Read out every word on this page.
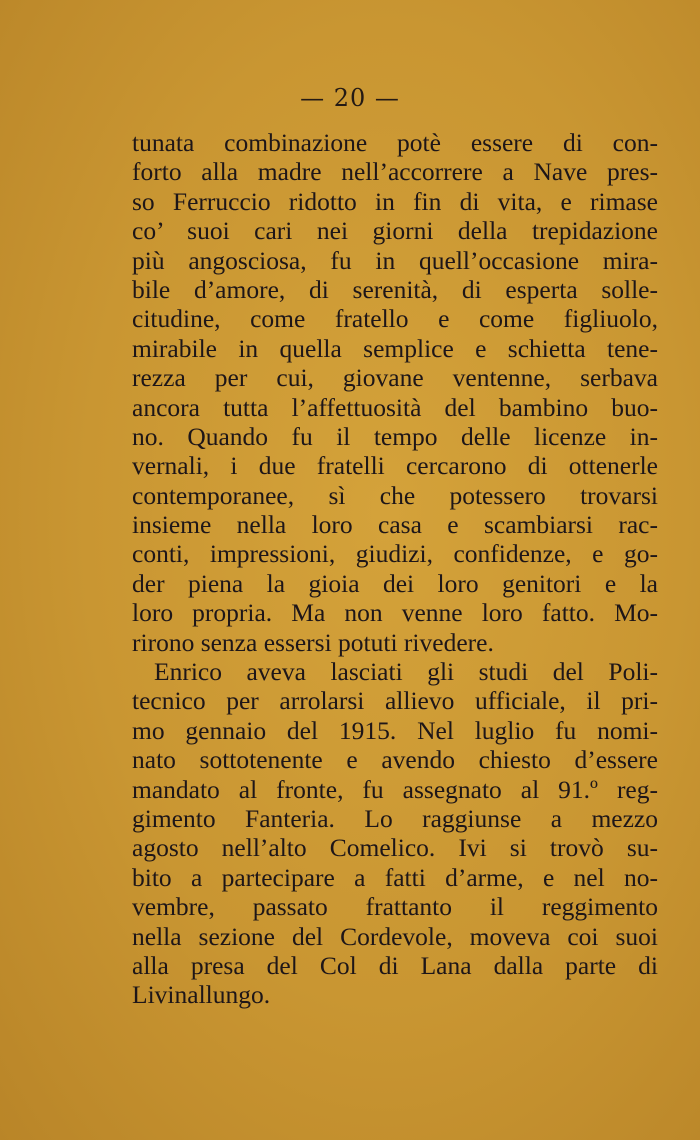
— 20 —
tunata combinazione potè essere di con-
forto alla madre nell’accorrere a Nave pres-
so Ferruccio ridotto in fin di vita, e rimase
co’ suoi cari nei giorni della trepidazione
più angosciosa, fu in quell’occasione mira-
bile d’amore, di serenità, di esperta solle-
citudine, come fratello e come figliuolo,
mirabile in quella semplice e schietta tene-
rezza per cui, giovane ventenne, serbava
ancora tutta l’affettuosità del bambino buo-
no. Quando fu il tempo delle licenze in-
vernali, i due fratelli cercarono di ottenerle
contemporanee, sì che potessero trovarsi
insieme nella loro casa e scambiarsi rac-
conti, impressioni, giudizi, confidenze, e go-
der piena la gioia dei loro genitori e la
loro propria. Ma non venne loro fatto. Mo-
rirono senza essersi potuti rivedere.
Enrico aveva lasciati gli studi del Poli-
tecnico per arrolarsi allievo ufficiale, il pri-
mo gennaio del 1915. Nel luglio fu nomi-
nato sottotenente e avendo chiesto d’essere
mandato al fronte, fu assegnato al 91.º reg-
gimento Fanteria. Lo raggiunse a mezzo
agosto nell’alto Comelico. Ivi si trovò su-
bito a partecipare a fatti d’arme, e nel no-
vembre, passato frattanto il reggimento
nella sezione del Cordevole, moveva coi suoi
alla presa del Col di Lana dalla parte di
Livinallungo.
